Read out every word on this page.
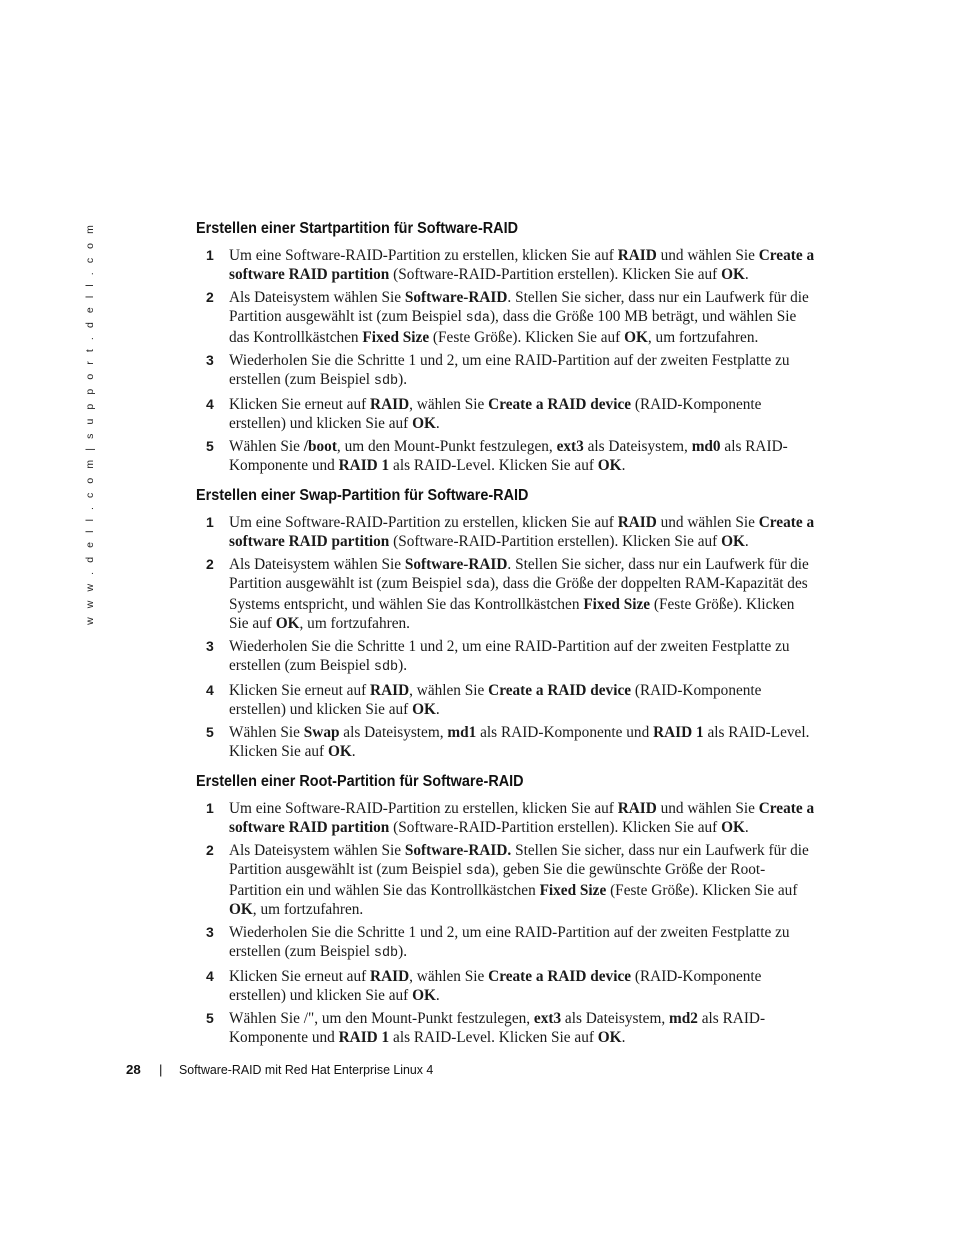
w w w . d e l l . c o m | s u p p o r t . d e l l . c o m	Erstellen einer Startpartition für Software-RAID
1 Um eine Software-RAID-Partition zu erstellen, klicken Sie auf RAID und wählen Sie Create a software RAID partition (Software-RAID-Partition erstellen). Klicken Sie auf OK.
2 Als Dateisystem wählen Sie Software-RAID. Stellen Sie sicher, dass nur ein Laufwerk für die Partition ausgewählt ist (zum Beispiel sda), dass die Größe 100 MB beträgt, und wählen Sie das Kontrollkästchen Fixed Size (Feste Größe). Klicken Sie auf OK, um fortzufahren.
3 Wiederholen Sie die Schritte 1 und 2, um eine RAID-Partition auf der zweiten Festplatte zu erstellen (zum Beispiel sdb).
4 Klicken Sie erneut auf RAID, wählen Sie Create a RAID device (RAID-Komponente erstellen) und klicken Sie auf OK.
5 Wählen Sie /boot, um den Mount-Punkt festzulegen, ext3 als Dateisystem, md0 als RAID-Komponente und RAID 1 als RAID-Level. Klicken Sie auf OK.
Erstellen einer Swap-Partition für Software-RAID
1 Um eine Software-RAID-Partition zu erstellen, klicken Sie auf RAID und wählen Sie Create a software RAID partition (Software-RAID-Partition erstellen). Klicken Sie auf OK.
2 Als Dateisystem wählen Sie Software-RAID. Stellen Sie sicher, dass nur ein Laufwerk für die Partition ausgewählt ist (zum Beispiel sda), dass die Größe der doppelten RAM-Kapazität des Systems entspricht, und wählen Sie das Kontrollkästchen Fixed Size (Feste Größe). Klicken Sie auf OK, um fortzufahren.
3 Wiederholen Sie die Schritte 1 und 2, um eine RAID-Partition auf der zweiten Festplatte zu erstellen (zum Beispiel sdb).
4 Klicken Sie erneut auf RAID, wählen Sie Create a RAID device (RAID-Komponente erstellen) und klicken Sie auf OK.
5 Wählen Sie Swap als Dateisystem, md1 als RAID-Komponente und RAID 1 als RAID-Level. Klicken Sie auf OK.
Erstellen einer Root-Partition für Software-RAID
1 Um eine Software-RAID-Partition zu erstellen, klicken Sie auf RAID und wählen Sie Create a software RAID partition (Software-RAID-Partition erstellen). Klicken Sie auf OK.
2 Als Dateisystem wählen Sie Software-RAID. Stellen Sie sicher, dass nur ein Laufwerk für die Partition ausgewählt ist (zum Beispiel sda), geben Sie die gewünschte Größe der Root-Partition ein und wählen Sie das Kontrollkästchen Fixed Size (Feste Größe). Klicken Sie auf OK, um fortzufahren.
3 Wiederholen Sie die Schritte 1 und 2, um eine RAID-Partition auf der zweiten Festplatte zu erstellen (zum Beispiel sdb).
4 Klicken Sie erneut auf RAID, wählen Sie Create a RAID device (RAID-Komponente erstellen) und klicken Sie auf OK.
5 Wählen Sie /", um den Mount-Punkt festzulegen, ext3 als Dateisystem, md2 als RAID-Komponente und RAID 1 als RAID-Level. Klicken Sie auf OK.
28 | Software-RAID mit Red Hat Enterprise Linux 4
